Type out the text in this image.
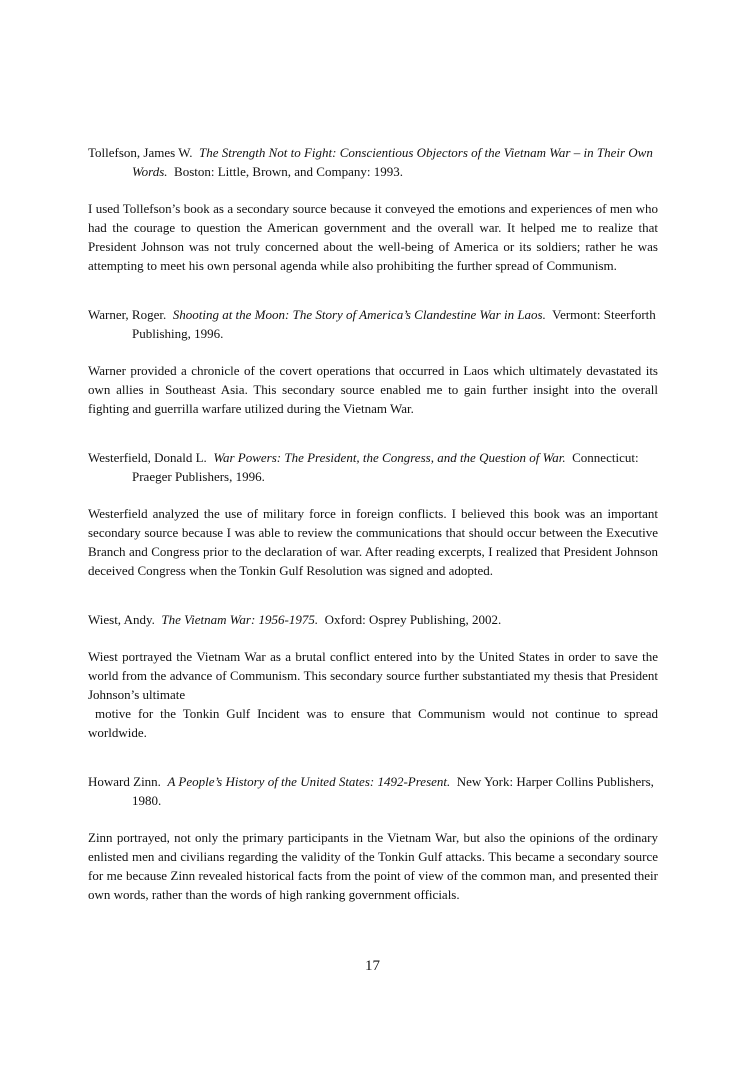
Tollefson, James W. The Strength Not to Fight: Conscientious Objectors of the Vietnam War – in Their Own Words. Boston: Little, Brown, and Company: 1993.

I used Tollefson’s book as a secondary source because it conveyed the emotions and experiences of men who had the courage to question the American government and the overall war. It helped me to realize that President Johnson was not truly concerned about the well-being of America or its soldiers; rather he was attempting to meet his own personal agenda while also prohibiting the further spread of Communism.

Warner, Roger. Shooting at the Moon: The Story of America’s Clandestine War in Laos. Vermont: Steerforth Publishing, 1996.

Warner provided a chronicle of the covert operations that occurred in Laos which ultimately devastated its own allies in Southeast Asia. This secondary source enabled me to gain further insight into the overall fighting and guerrilla warfare utilized during the Vietnam War.

Westerfield, Donald L. War Powers: The President, the Congress, and the Question of War. Connecticut: Praeger Publishers, 1996.

Westerfield analyzed the use of military force in foreign conflicts. I believed this book was an important secondary source because I was able to review the communications that should occur between the Executive Branch and Congress prior to the declaration of war. After reading excerpts, I realized that President Johnson deceived Congress when the Tonkin Gulf Resolution was signed and adopted.

Wiest, Andy. The Vietnam War: 1956-1975. Oxford: Osprey Publishing, 2002.

Wiest portrayed the Vietnam War as a brutal conflict entered into by the United States in order to save the world from the advance of Communism. This secondary source further substantiated my thesis that President Johnson’s ultimate
motive for the Tonkin Gulf Incident was to ensure that Communism would not continue to spread worldwide.

Howard Zinn. A People’s History of the United States: 1492-Present. New York: Harper Collins Publishers, 1980.

Zinn portrayed, not only the primary participants in the Vietnam War, but also the opinions of the ordinary enlisted men and civilians regarding the validity of the Tonkin Gulf attacks. This became a secondary source for me because Zinn revealed historical facts from the point of view of the common man, and presented their own words, rather than the words of high ranking government officials.

17
